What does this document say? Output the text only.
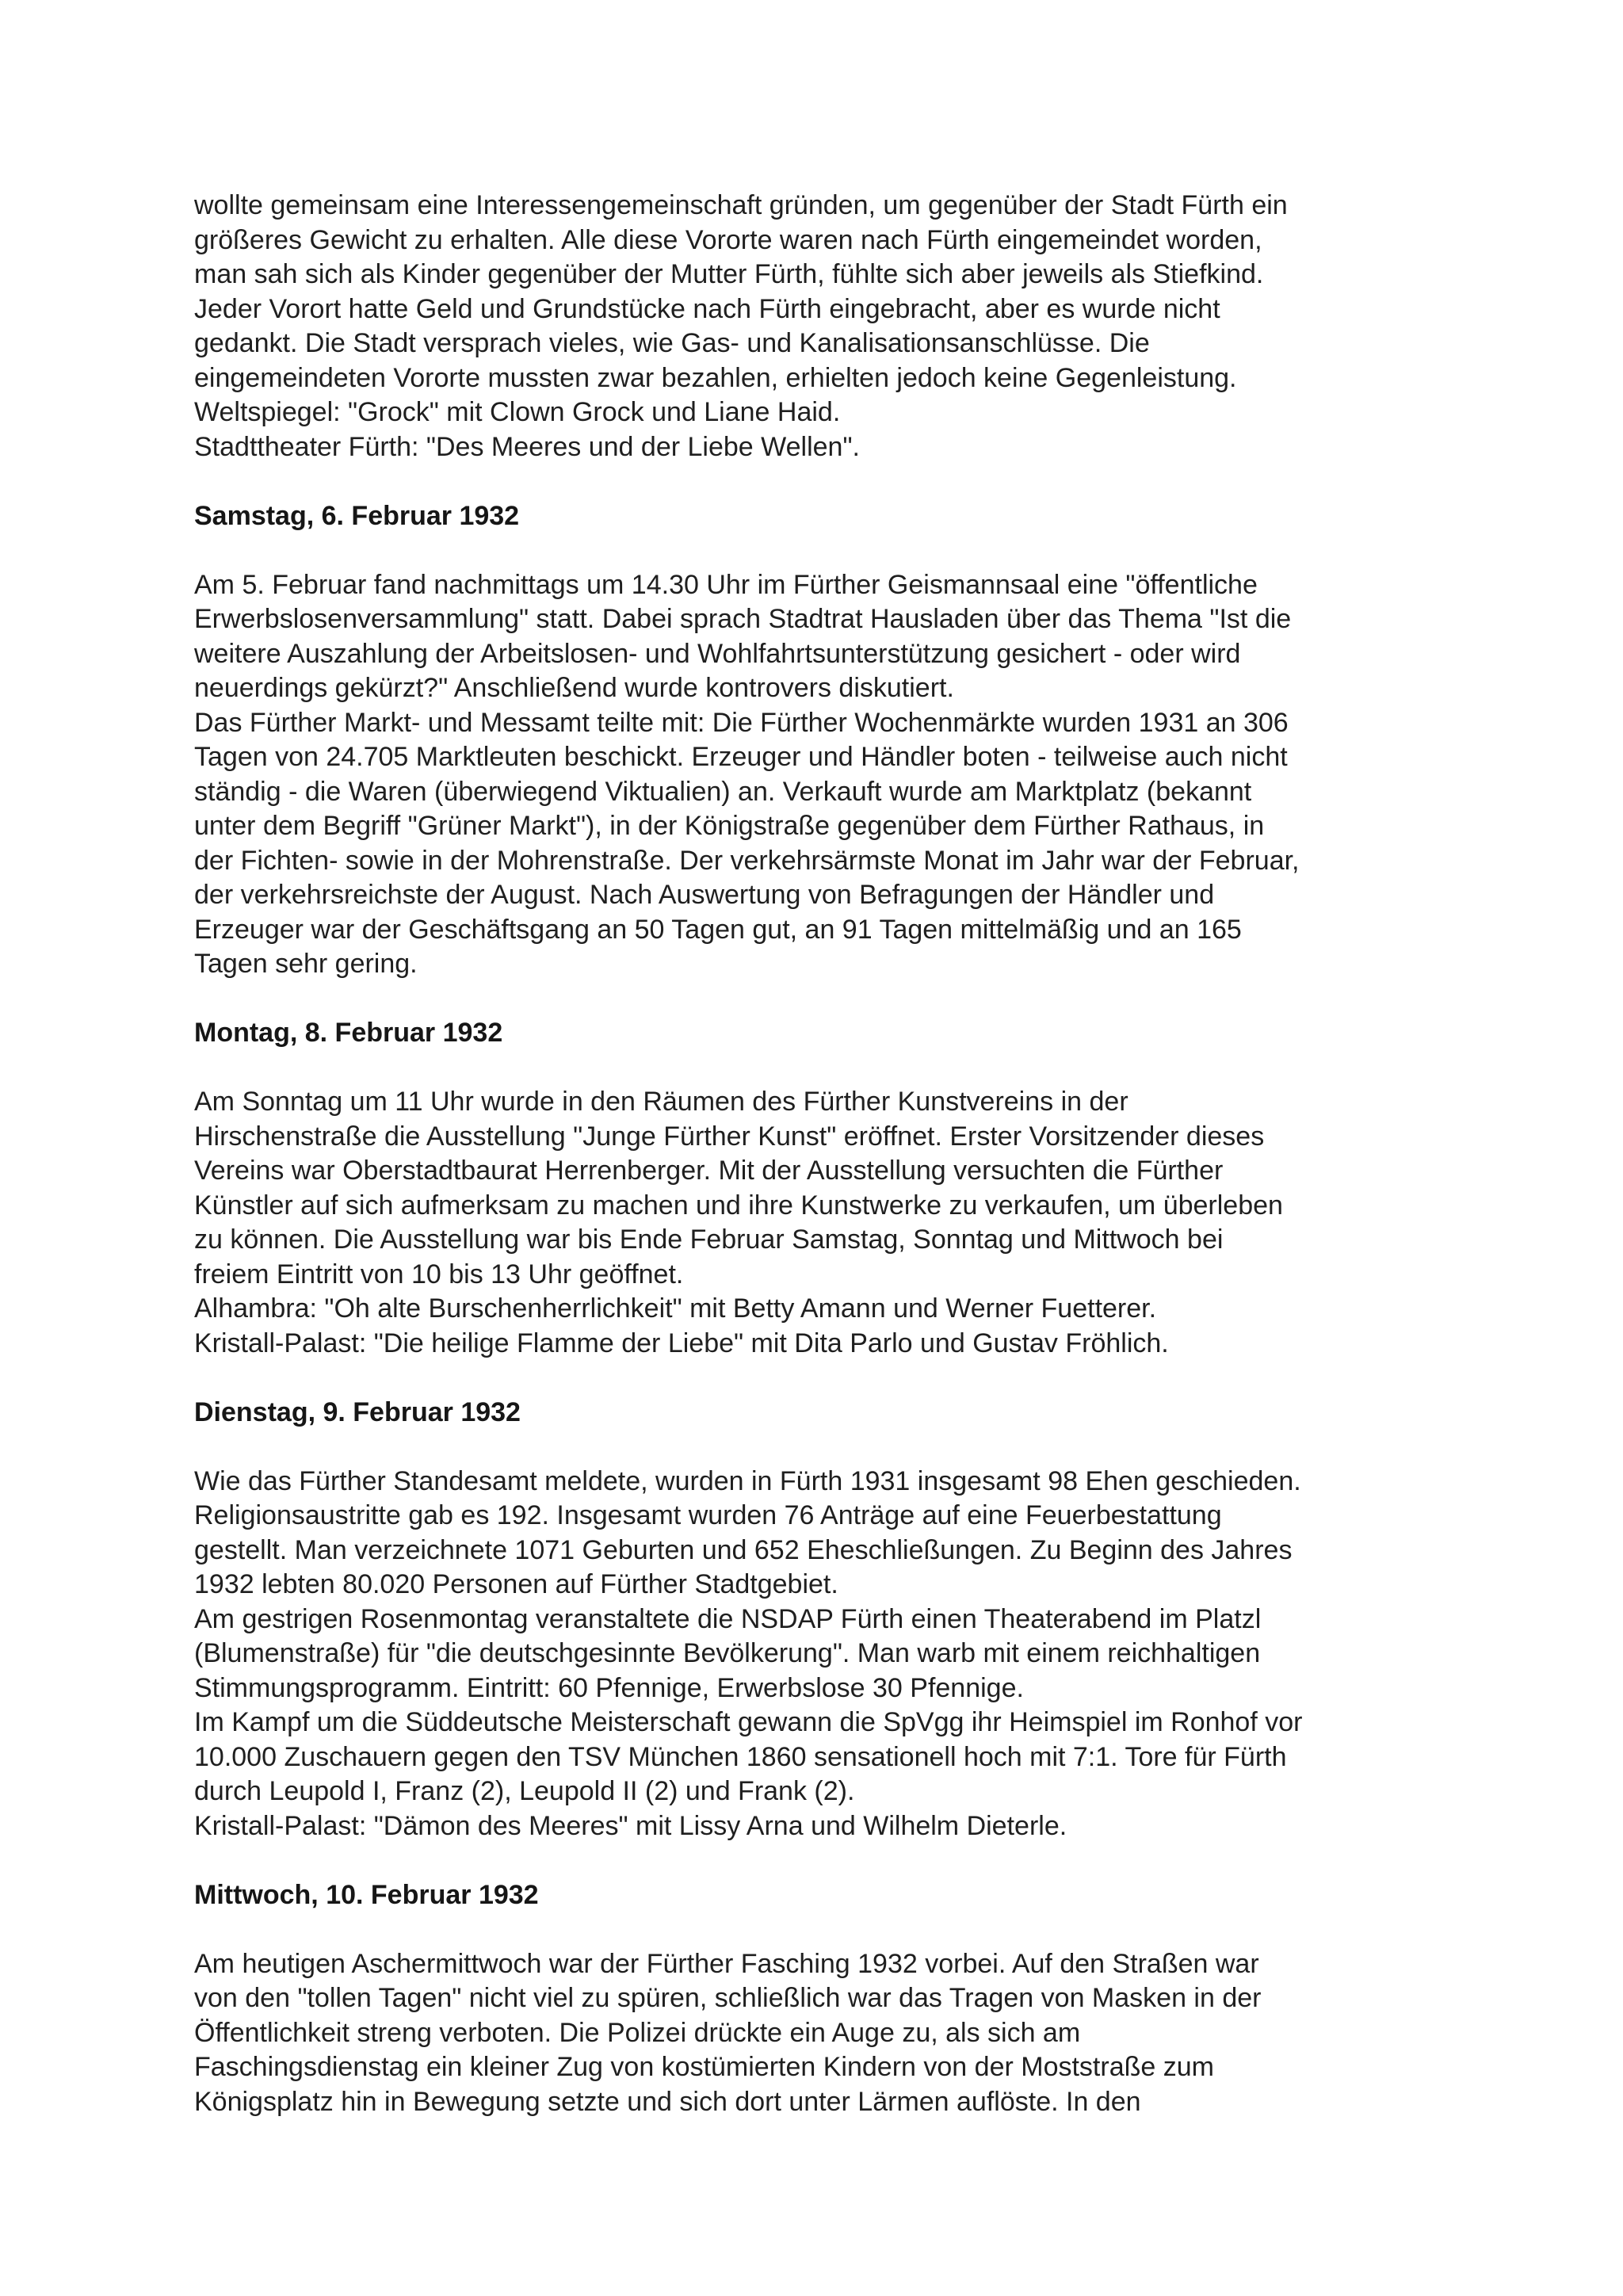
wollte gemeinsam eine Interessengemeinschaft gründen, um gegenüber der Stadt Fürth ein
größeres Gewicht zu erhalten. Alle diese Vororte waren nach Fürth eingemeindet worden,
man sah sich als Kinder gegenüber der Mutter Fürth, fühlte sich aber jeweils als Stiefkind.
Jeder Vorort hatte Geld und Grundstücke nach Fürth eingebracht, aber es wurde nicht
gedankt. Die Stadt versprach vieles, wie Gas- und Kanalisationsanschlüsse. Die
eingemeindeten Vororte mussten zwar bezahlen, erhielten jedoch keine Gegenleistung.
Weltspiegel: "Grock" mit Clown Grock und Liane Haid.
Stadttheater Fürth: "Des Meeres und der Liebe Wellen".
Samstag, 6. Februar 1932
Am 5. Februar fand nachmittags um 14.30 Uhr im Fürther Geismannsaal eine "öffentliche
Erwerbslosenversammlung" statt. Dabei sprach Stadtrat Hausladen über das Thema "Ist die
weitere Auszahlung der Arbeitslosen- und Wohlfahrtsunterstützung gesichert - oder wird
neuerdings gekürzt?" Anschließend wurde kontrovers diskutiert.
Das Fürther Markt- und Messamt teilte mit: Die Fürther Wochenmärkte wurden 1931 an 306
Tagen von 24.705 Marktleuten beschickt. Erzeuger und Händler boten - teilweise auch nicht
ständig - die Waren (überwiegend Viktualien) an. Verkauft wurde am Marktplatz (bekannt
unter dem Begriff "Grüner Markt"), in der Königstraße gegenüber dem Fürther Rathaus, in
der Fichten- sowie in der Mohrenstraße. Der verkehrsärmste Monat im Jahr war der Februar,
der verkehrsreichste der August. Nach Auswertung von Befragungen der Händler und
Erzeuger war der Geschäftsgang an 50 Tagen gut, an 91 Tagen mittelmäßig und an 165
Tagen sehr gering.
Montag, 8. Februar 1932
Am Sonntag um 11 Uhr wurde in den Räumen des Fürther Kunstvereins in der
Hirschenstraße die Ausstellung "Junge Fürther Kunst" eröffnet. Erster Vorsitzender dieses
Vereins war Oberstadtbaurat Herrenberger. Mit der Ausstellung versuchten die Fürther
Künstler auf sich aufmerksam zu machen und ihre Kunstwerke zu verkaufen, um überleben
zu können. Die Ausstellung war bis Ende Februar Samstag, Sonntag und Mittwoch bei
freiem Eintritt von 10 bis 13 Uhr geöffnet.
Alhambra: "Oh alte Burschenherrlichkeit" mit Betty Amann und Werner Fuetterer.
Kristall-Palast: "Die heilige Flamme der Liebe" mit Dita Parlo und Gustav Fröhlich.
Dienstag, 9. Februar 1932
Wie das Fürther Standesamt meldete, wurden in Fürth 1931 insgesamt 98 Ehen geschieden.
Religionsaustritte gab es 192. Insgesamt wurden 76 Anträge auf eine Feuerbestattung
gestellt. Man verzeichnete 1071 Geburten und 652 Eheschließungen. Zu Beginn des Jahres
1932 lebten 80.020 Personen auf Fürther Stadtgebiet.
Am gestrigen Rosenmontag veranstaltete die NSDAP Fürth einen Theaterabend im Platzl
(Blumenstraße) für "die deutschgesinnte Bevölkerung". Man warb mit einem reichhaltigen
Stimmungsprogramm. Eintritt: 60 Pfennige, Erwerbslose 30 Pfennige.
Im Kampf um die Süddeutsche Meisterschaft gewann die SpVgg ihr Heimspiel im Ronhof vor
10.000 Zuschauern gegen den TSV München 1860 sensationell hoch mit 7:1. Tore für Fürth
durch Leupold I, Franz (2), Leupold II (2) und Frank (2).
Kristall-Palast: "Dämon des Meeres" mit Lissy Arna und Wilhelm Dieterle.
Mittwoch, 10. Februar 1932
Am heutigen Aschermittwoch war der Fürther Fasching 1932 vorbei. Auf den Straßen war
von den "tollen Tagen" nicht viel zu spüren, schließlich war das Tragen von Masken in der
Öffentlichkeit streng verboten. Die Polizei drückte ein Auge zu, als sich am
Faschingsdienstag ein kleiner Zug von kostümierten Kindern von der Moststraße zum
Königsplatz hin in Bewegung setzte und sich dort unter Lärmen auflöste. In den
